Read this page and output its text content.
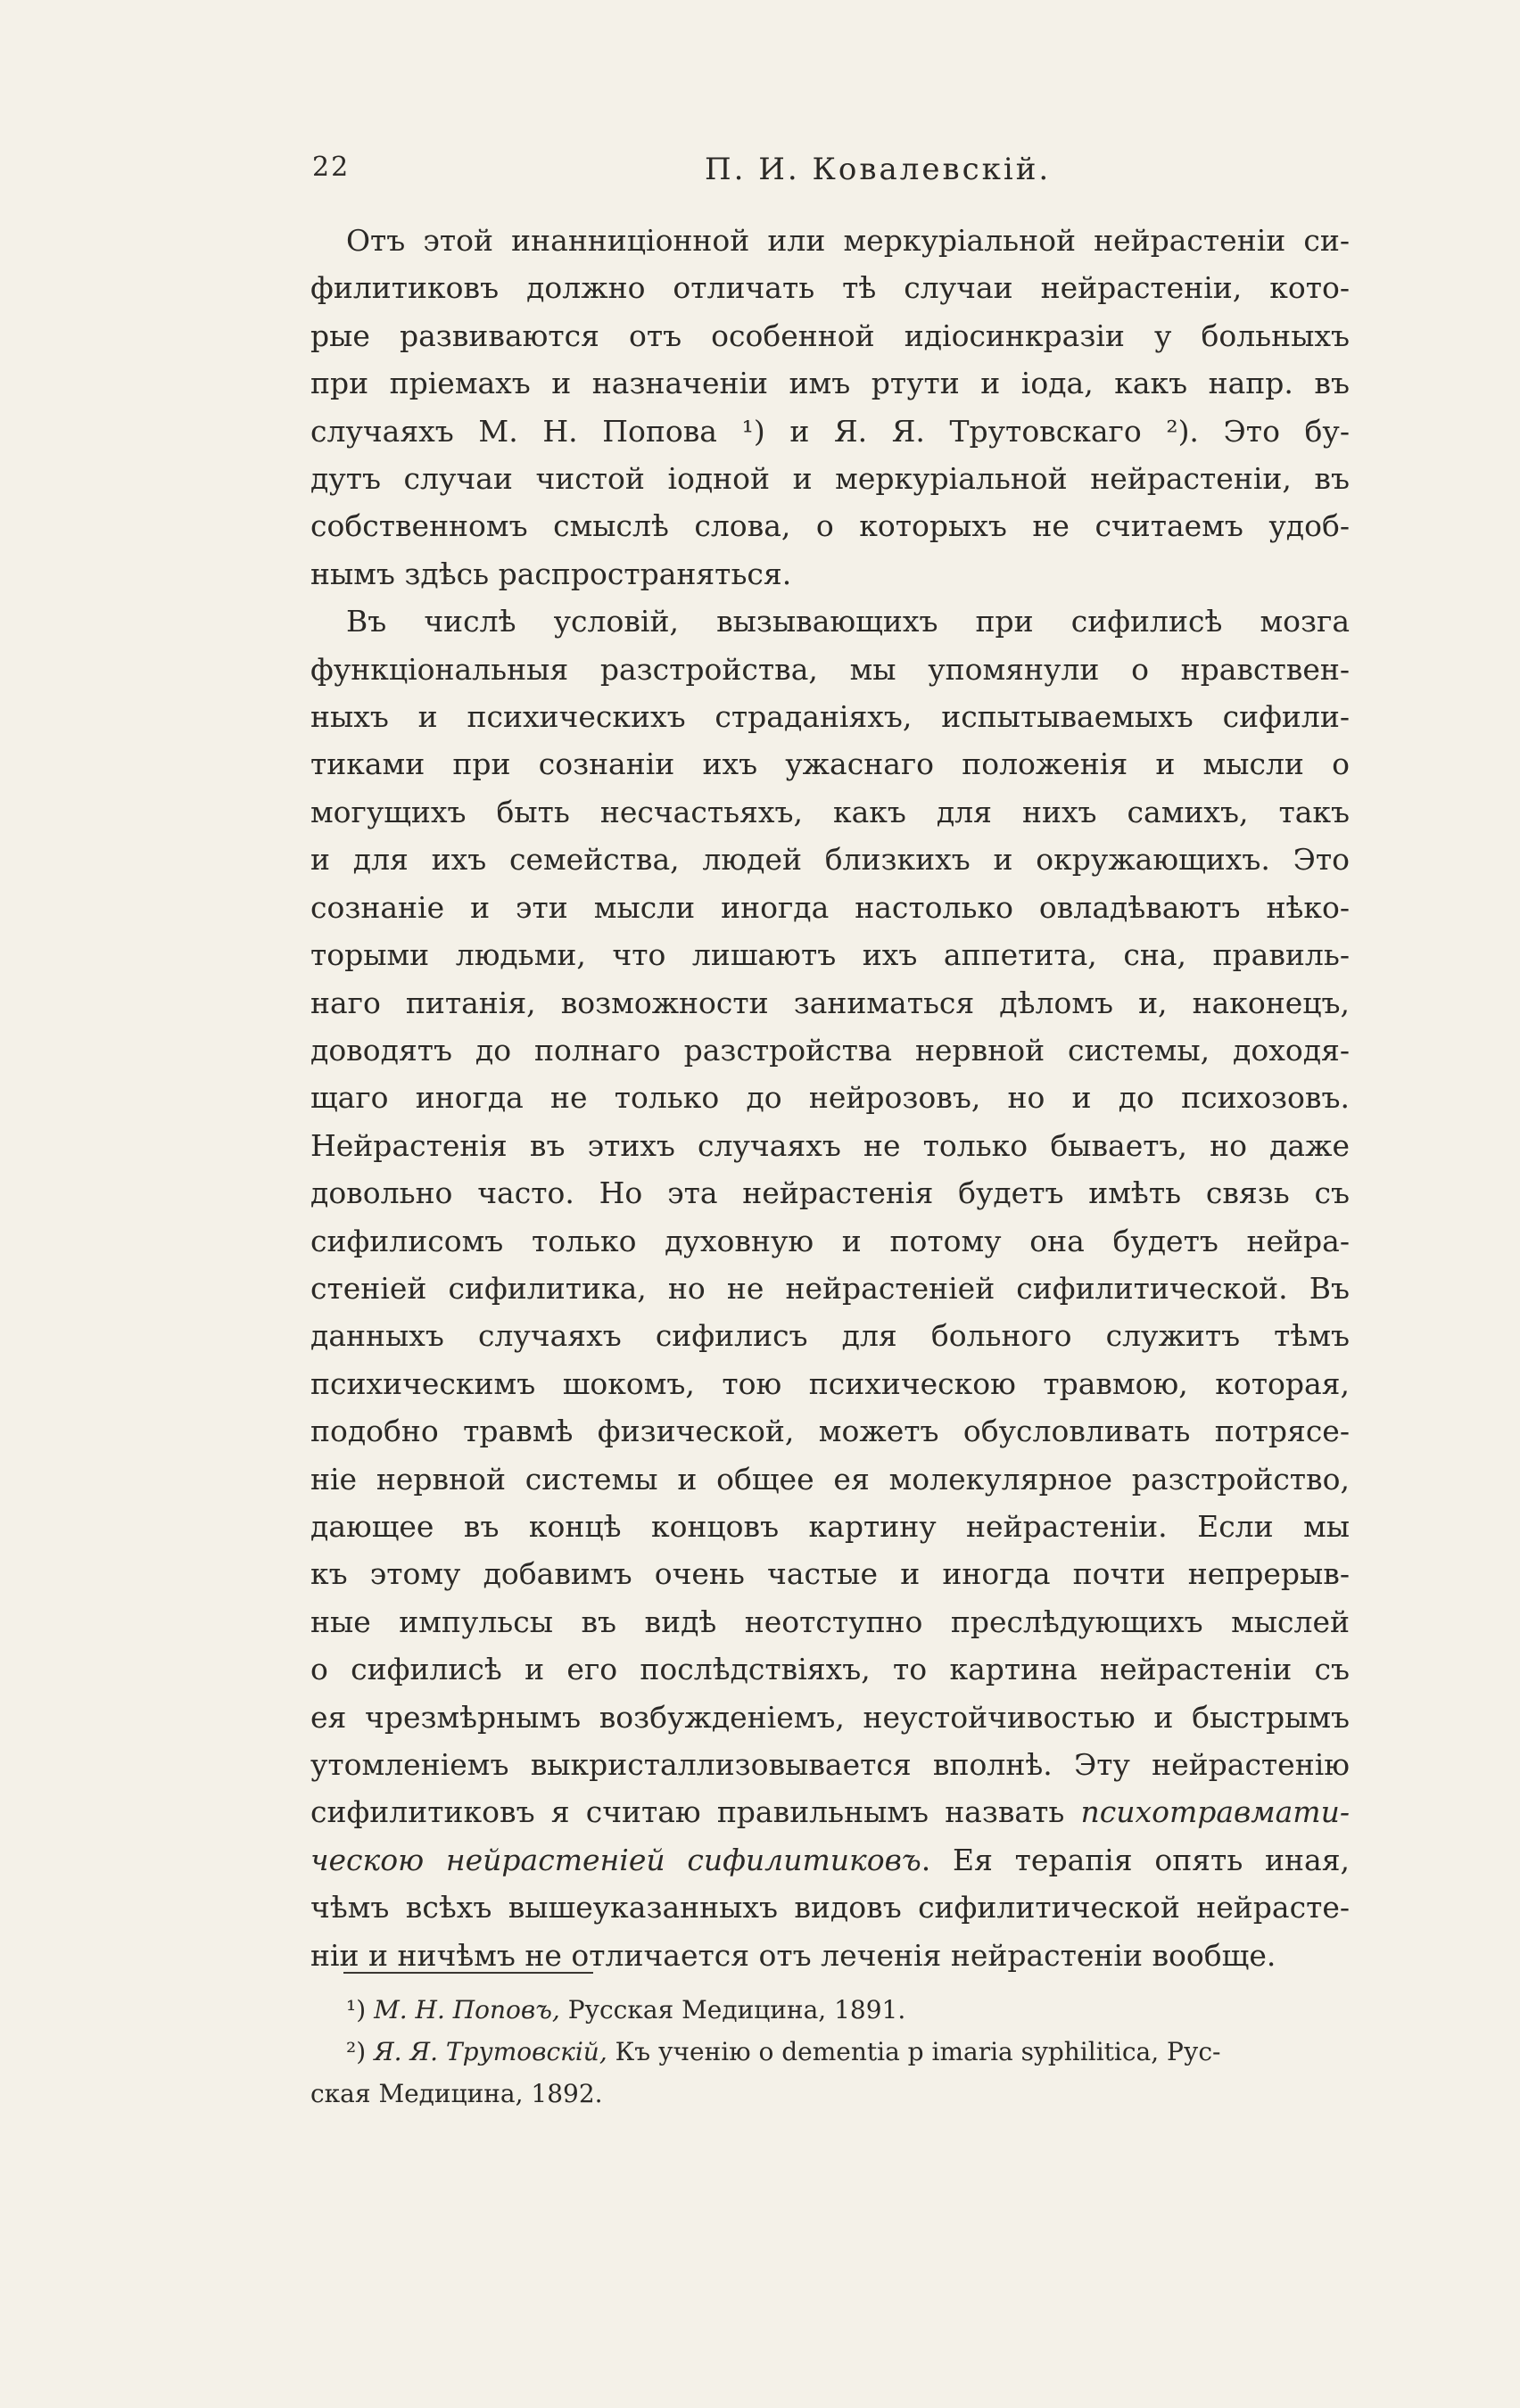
22	П. И. Ковалевскій.

Отъ этой инанниціонной или меркуріальной нейрастеніи си-
филитиковъ должно отличать тѣ случаи нейрастеніи, кото-
рые развиваются отъ особенной идіосинкразіи у больныхъ
при пріемахъ и назначеніи имъ ртути и іода, какъ напр. въ
случаяхъ М. Н. Попова ¹) и Я. Я. Трутовскаго ²). Это бу-
дутъ случаи чистой іодной и меркуріальной нейрастеніи, въ
собственномъ смыслѣ слова, о которыхъ не считаемъ удоб-
нымъ здѣсь распространяться.

Въ числѣ условій, вызывающихъ при сифилисѣ мозга
функціональныя разстройства, мы упомянули о нравствен-
ныхъ и психическихъ страданіяхъ, испытываемыхъ сифили-
тиками при сознаніи ихъ ужаснаго положенія и мысли о
могущихъ быть несчастьяхъ, какъ для нихъ самихъ, такъ
и для ихъ семейства, людей близкихъ и окружающихъ. Это
сознаніе и эти мысли иногда настолько овладѣваютъ нѣко-
торыми людьми, что лишаютъ ихъ аппетита, сна, правиль-
наго питанія, возможности заниматься дѣломъ и, наконецъ,
доводятъ до полнаго разстройства нервной системы, доходя-
щаго иногда не только до нейрозовъ, но и до психозовъ.
Нейрастенія въ этихъ случаяхъ не только бываетъ, но даже
довольно часто. Но эта нейрастенія будетъ имѣть связь съ
сифилисомъ только духовную и потому она будетъ нейра-
стеніей сифилитика, но не нейрастеніей сифилитической. Въ
данныхъ случаяхъ сифилисъ для больного служитъ тѣмъ
психическимъ шокомъ, тою психическою травмою, которая,
подобно травмѣ физической, можетъ обусловливать потрясе-
ніе нервной системы и общее ея молекулярное разстройство,
дающее въ концѣ концовъ картину нейрастеніи. Если мы
къ этому добавимъ очень частые и иногда почти непрерыв-
ные импульсы въ видѣ неотступно преслѣдующихъ мыслей
о сифилисѣ и его послѣдствіяхъ, то картина нейрастеніи съ
ея чрезмѣрнымъ возбужденіемъ, неустойчивостью и быстрымъ
утомленіемъ выкристаллизовывается вполнѣ. Эту нейрастенію
сифилитиковъ я считаю правильнымъ назвать психотравмати-
ческою нейрастеніей сифилитиковъ. Ея терапія опять иная,
чѣмъ всѣхъ вышеуказанныхъ видовъ сифилитической нейрасте-
ніи и ничѣмъ не отличается отъ леченія нейрастеніи вообще.

¹) М. Н. Поповъ, Русская Медицина, 1891.
²) Я. Я. Трутовскій, Къ ученію о dementia p imaria syphilitica, Рус-
ская Медицина, 1892.
